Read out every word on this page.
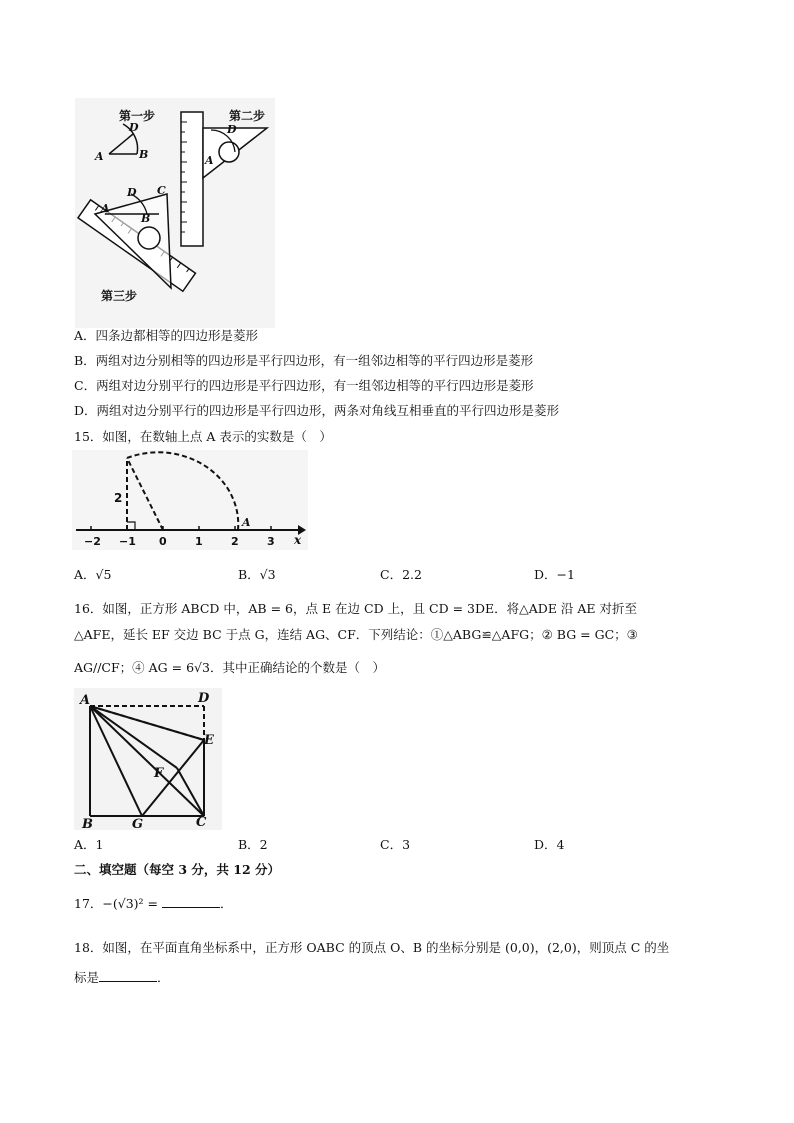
第一步
A	B
D
第二步
D
A
D C
A
B
第三步
A．四条边都相等的四边形是菱形
B．两组对边分别相等的四边形是平行四边形，有一组邻边相等的平行四边形是菱形
C．两组对边分别平行的四边形是平行四边形，有一组邻边相等的平行四边形是菱形
D．两组对边分别平行的四边形是平行四边形，两条对角线互相垂直的平行四边形是菱形
15．如图，在数轴上点 A 表示的实数是（　）
2
A
−2 −1 0	1	2	3 x
A．√5	B．√3	C．2.2	D．−1
16．如图，正方形 ABCD 中，AB = 6，点 E 在边 CD 上，且 CD = 3DE．将△ADE 沿 AE 对折至
△AFE，延长 EF 交边 BC 于点 G，连结 AG、CF．下列结论：①△ABG≌△AFG；② BG = GC；③
AG//CF；④ AG = 6√3．其中正确结论的个数是（　）
A	D
E
F
B	G	C
A．1	B．2	C．3	D．4
二、填空题（每空 3 分，共 12 分）
17．−(√3)² =	．
18．如图，在平面直角坐标系中，正方形 OABC 的顶点 O、B 的坐标分别是 (0,0)，(2,0)，则顶点 C 的坐
标是	．
